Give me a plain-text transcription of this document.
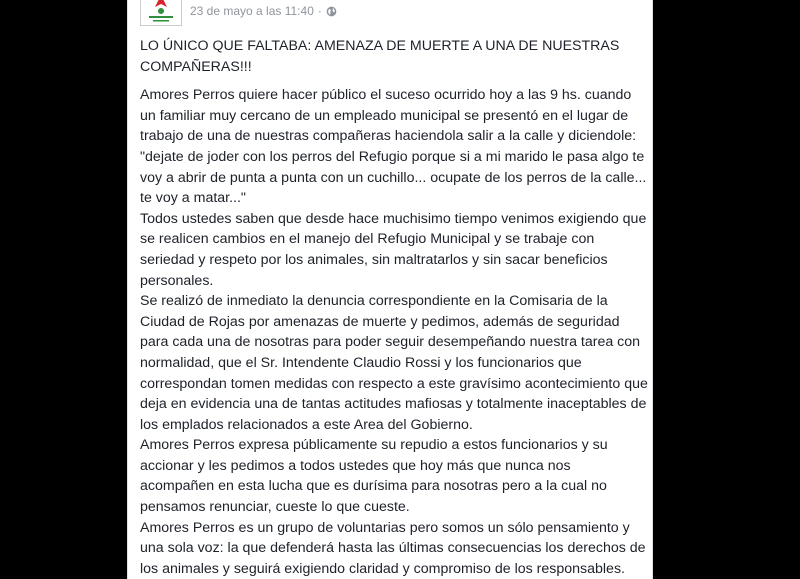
23 de mayo a las 11:40 ·

LO ÚNICO QUE FALTABA: AMENAZA DE MUERTE A UNA DE NUESTRAS COMPAÑERAS!!!

Amores Perros quiere hacer público el suceso ocurrido hoy a las 9 hs. cuando un familiar muy cercano de un empleado municipal se presentó en el lugar de trabajo de una de nuestras compañeras haciendola salir a la calle y diciendole: "dejate de joder con los perros del Refugio porque si a mi marido le pasa algo te voy a abrir de punta a punta con un cuchillo... ocupate de los perros de la calle... te voy a matar..."

Todos ustedes saben que desde hace muchisimo tiempo venimos exigiendo que se realicen cambios en el manejo del Refugio Municipal y se trabaje con seriedad y respeto por los animales, sin maltratarlos y sin sacar beneficios personales.

Se realizó de inmediato la denuncia correspondiente en la Comisaria de la Ciudad de Rojas por amenazas de muerte y pedimos, además de seguridad para cada una de nosotras para poder seguir desempeñando nuestra tarea con normalidad, que el Sr. Intendente Claudio Rossi y los funcionarios que correspondan tomen medidas con respecto a este gravísimo acontecimiento que deja en evidencia una de tantas actitudes mafiosas y totalmente inaceptables de los emplados relacionados a este Area del Gobierno.

Amores Perros expresa públicamente su repudio a estos funcionarios y su accionar y les pedimos a todos ustedes que hoy más que nunca nos acompañen en esta lucha que es durísima para nosotras pero a la cual no pensamos renunciar, cueste lo que cueste.

Amores Perros es un grupo de voluntarias pero somos un sólo pensamiento y una sola voz: la que defenderá hasta las últimas consecuencias los derechos de los animales y seguirá exigiendo claridad y compromiso de los responsables.
